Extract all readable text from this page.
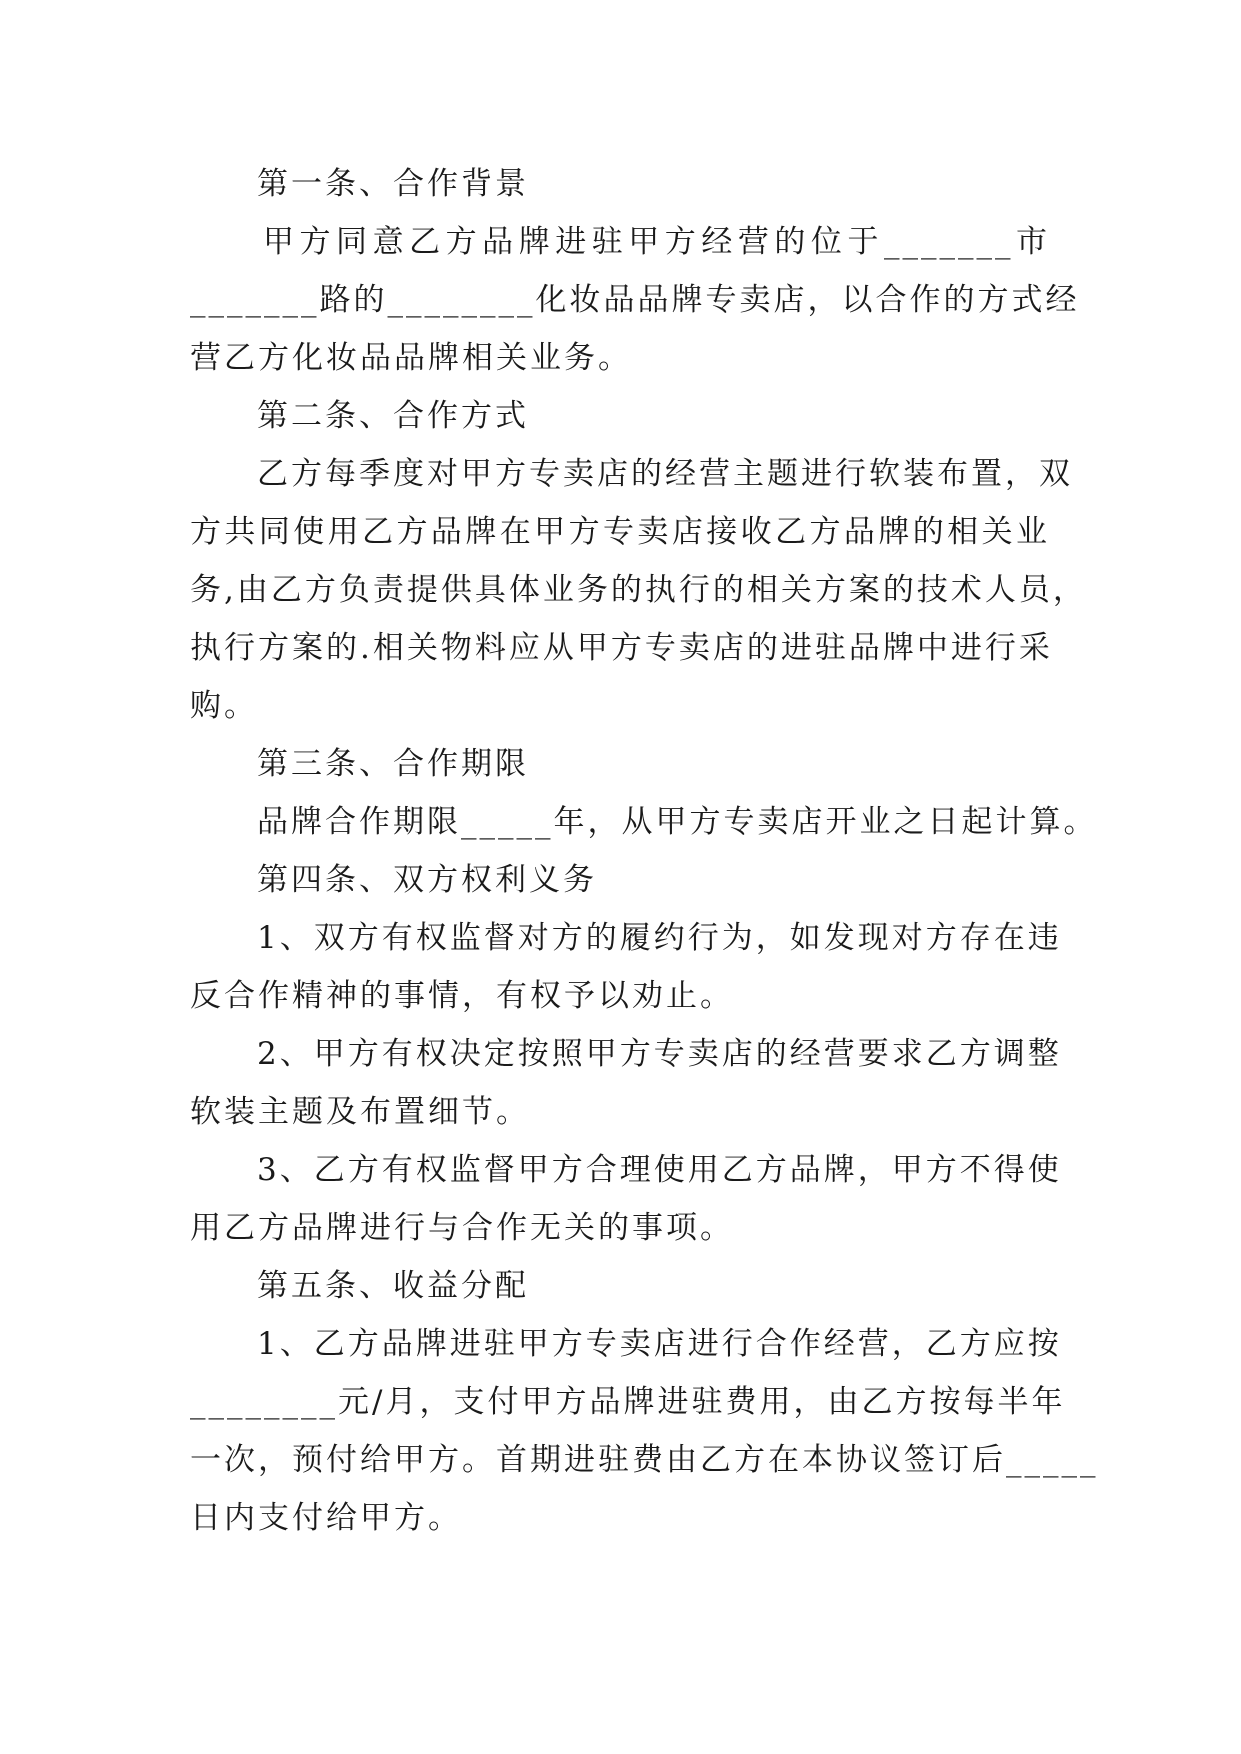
第一条、合作背景
甲方同意乙方品牌进驻甲方经营的位于_______市
_______路的________化妆品品牌专卖店，以合作的方式经
营乙方化妆品品牌相关业务。
第二条、合作方式
乙方每季度对甲方专卖店的经营主题进行软装布置，双
方共同使用乙方品牌在甲方专卖店接收乙方品牌的相关业
务,由乙方负责提供具体业务的执行的相关方案的技术人员，
执行方案的.相关物料应从甲方专卖店的进驻品牌中进行采
购。
第三条、合作期限
品牌合作期限_____年，从甲方专卖店开业之日起计算。
第四条、双方权利义务
1、双方有权监督对方的履约行为，如发现对方存在违
反合作精神的事情，有权予以劝止。
2、甲方有权决定按照甲方专卖店的经营要求乙方调整
软装主题及布置细节。
3、乙方有权监督甲方合理使用乙方品牌，甲方不得使
用乙方品牌进行与合作无关的事项。
第五条、收益分配
1、乙方品牌进驻甲方专卖店进行合作经营，乙方应按
________元/月，支付甲方品牌进驻费用，由乙方按每半年
一次，预付给甲方。首期进驻费由乙方在本协议签订后_____
日内支付给甲方。
